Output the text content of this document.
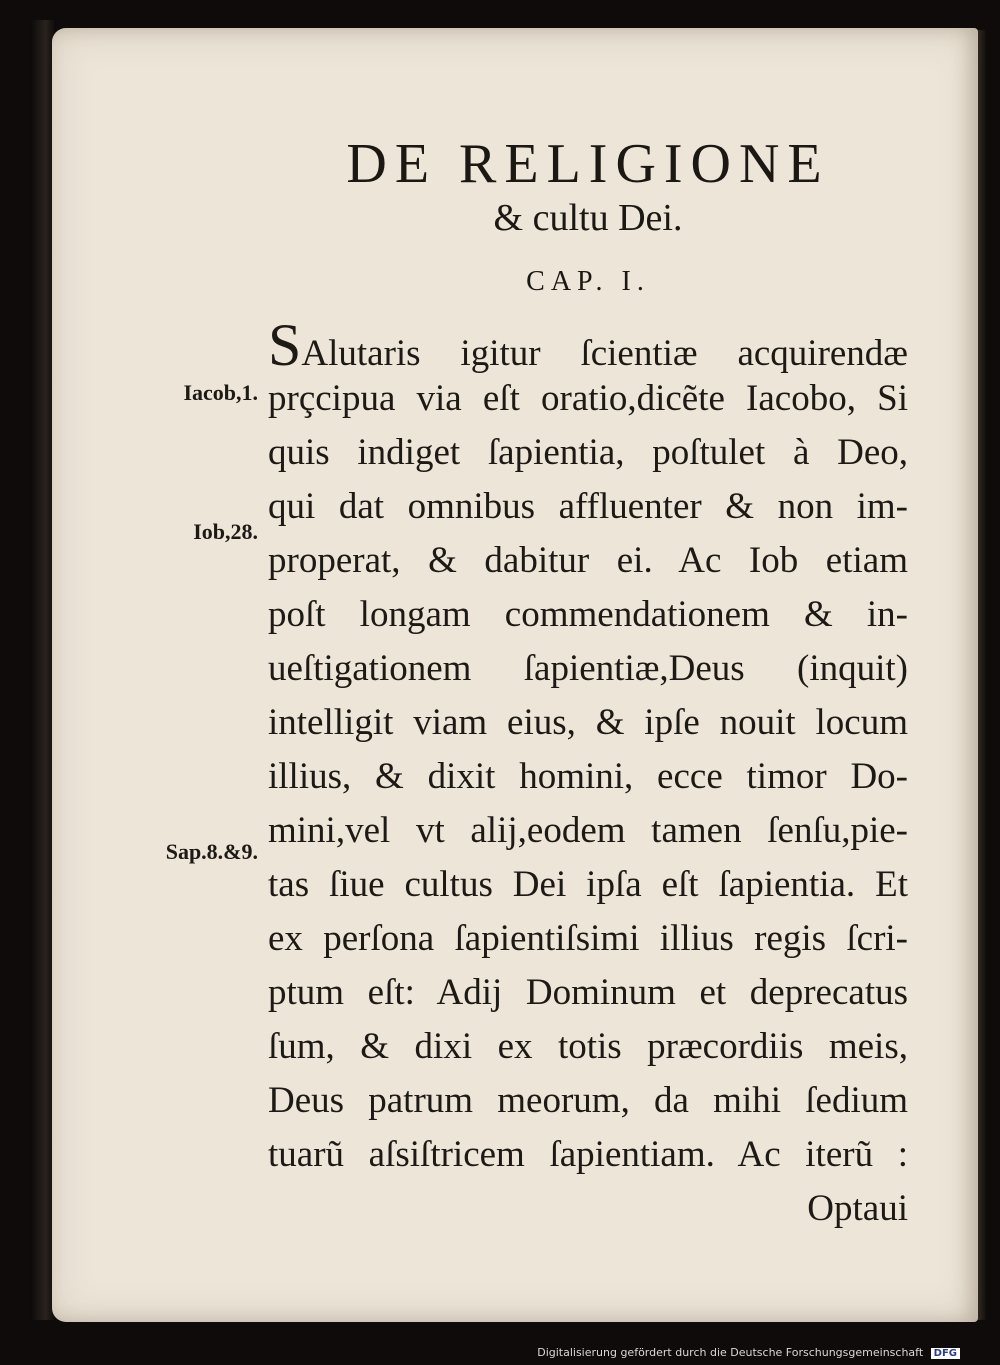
DE RELIGIONE
& cultu Dei.
CAP. I.
Iacob,1.
Iob,28.
Sap.8.&9.
SAlutaris igitur ſcientiæ acquirendæ
prçcipua via eſt oratio,dicẽte Iacobo, Si
quis indiget ſapientia, poſtulet à Deo,
qui dat omnibus affluenter & non im-
properat, & dabitur ei. Ac Iob etiam
poſt longam commendationem & in-
ueſtigationem ſapientiæ,Deus (inquit)
intelligit viam eius, & ipſe nouit locum
illius, & dixit homini, ecce timor Do-
mini,vel vt alij,eodem tamen ſenſu,pie-
tas ſiue cultus Dei ipſa eſt ſapientia. Et
ex perſona ſapientiſsimi illius regis ſcri-
ptum eſt: Adij Dominum et deprecatus
ſum, & dixi ex totis præcordiis meis,
Deus patrum meorum, da mihi ſedium
tuarũ aſsiſtricem ſapientiam. Ac iterũ :
Optaui
Digitalisierung gefördert durch die Deutsche Forschungsgemeinschaft DFG
